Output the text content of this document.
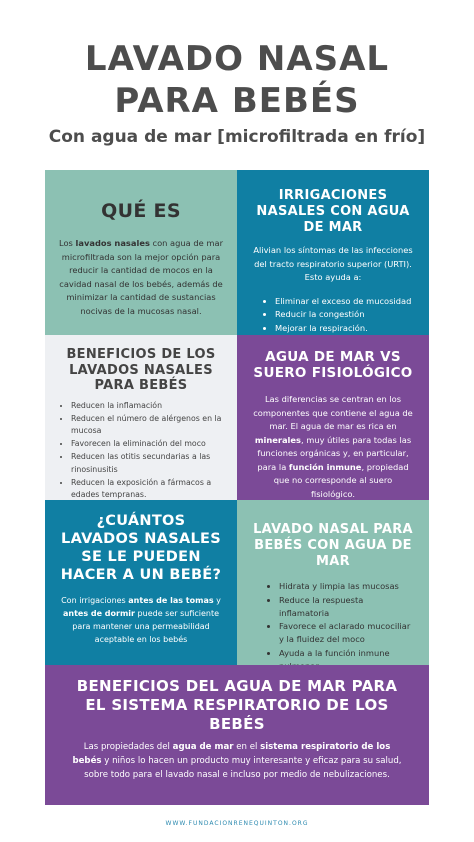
LAVADO NASAL
PARA BEBÉS
Con agua de mar [microfiltrada en frío]
QUÉ ES

Los lavados nasales con agua de mar microfiltrada son la mejor opción para reducir la cantidad de mocos en la cavidad nasal de los bebés, además de minimizar la cantidad de sustancias nocivas de la mucosas nasal.

IRRIGACIONES NASALES CON AGUA DE MAR

Alivian los síntomas de las infecciones del tracto respiratorio superior (URTI). Esto ayuda a:

• Eliminar el exceso de mucosidad
• Reducir la congestión
• Mejorar la respiración.
BENEFICIOS DE LOS LAVADOS NASALES PARA BEBÉS
• Reducen la inflamación
• Reducen el número de alérgenos en la mucosa
• Favorecen la eliminación del moco
• Reducen las otitis secundarias a las rinosinusitis
• Reducen la exposición a fármacos a edades tempranas.
AGUA DE MAR VS SUERO FISIOLÓGICO

Las diferencias se centran en los componentes que contiene el agua de mar. El agua de mar es rica en minerales, muy útiles para todas las funciones orgánicas y, en particular, para la función inmune, propiedad que no corresponde al suero fisiológico.

¿CUÁNTOS LAVADOS NASALES SE LE PUEDEN HACER A UN BEBÉ?

Con irrigaciones antes de las tomas y antes de dormir puede ser suficiente para mantener una permeabilidad aceptable en los bebés

LAVADO NASAL PARA BEBÉS CON AGUA DE MAR
• Hidrata y limpia las mucosas
• Reduce la respuesta inflamatoria
• Favorece el aclarado mucociliar y la fluidez del moco
• Ayuda a la función inmune
BENEFICIOS DEL AGUA DE MAR PARA EL SISTEMA RESPIRATORIO DE LOS BEBÉS

Las propiedades del agua de mar en el sistema respiratorio de los bebés y niños lo hacen un producto muy interesante y eficaz para su salud, sobre todo para el lavado nasal e incluso por medio de nebulizaciones.

WWW.FUNDACIONRENEQUINTON.ORG
